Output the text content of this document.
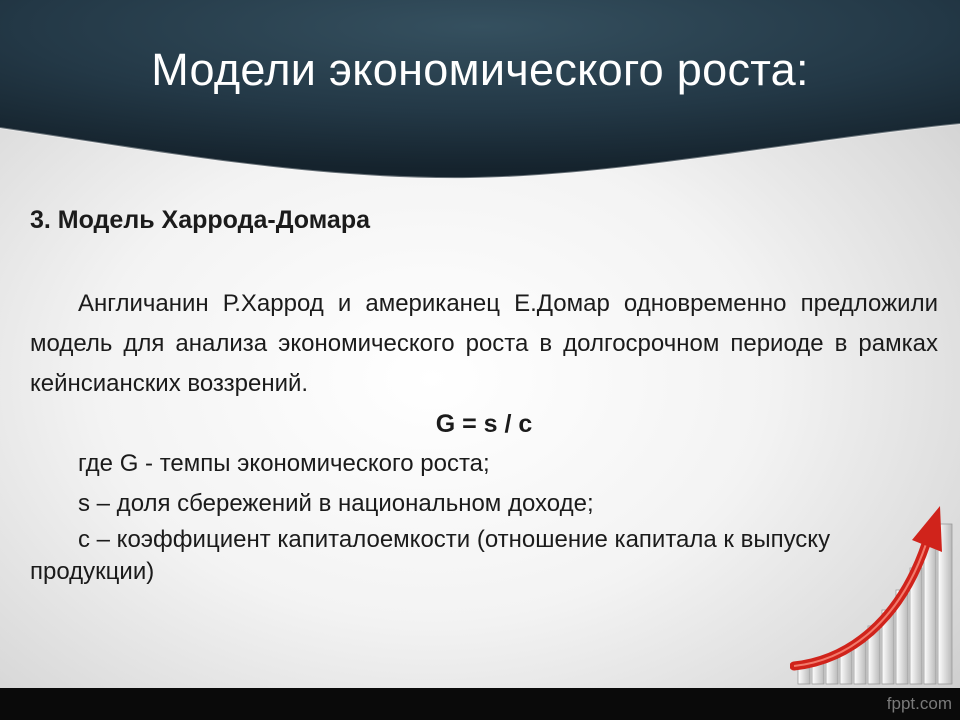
Модели экономического роста:

3. Модель Харрода-Домара

Англичанин Р.Харрод и американец Е.Домар одновременно предложили модель для анализа экономического роста в долгосрочном периоде в рамках кейнсианских воззрений.

G = s / c

где G - темпы экономического роста;

s – доля сбережений в национальном доходе;

с – коэффициент капиталоемкости (отношение капитала к выпуску продукции)

fppt.com
